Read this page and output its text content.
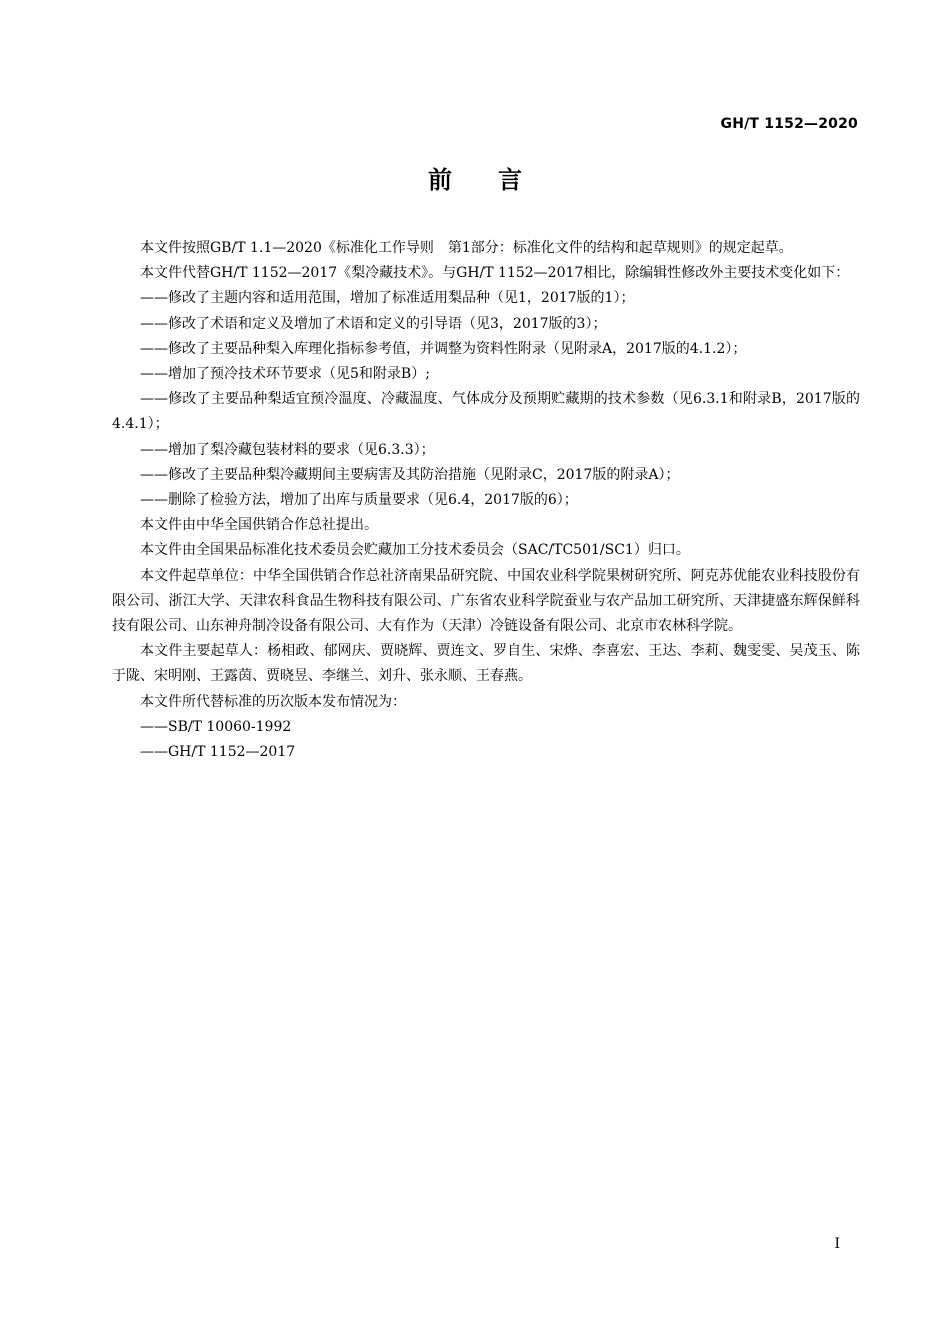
GH/T 1152—2020
前言

本文件按照GB/T 1.1—2020《标准化工作导则　第1部分：标准化文件的结构和起草规则》的规定起草。

本文件代替GH/T 1152—2017《梨冷藏技术》。与GH/T 1152—2017相比，除编辑性修改外主要技术变化如下：

——修改了主题内容和适用范围，增加了标准适用梨品种（见1，2017版的1）；

——修改了术语和定义及增加了术语和定义的引导语（见3，2017版的3）；

——修改了主要品种梨入库理化指标参考值，并调整为资料性附录（见附录A，2017版的4.1.2）；

——增加了预冷技术环节要求（见5和附录B）;

——修改了主要品种梨适宜预冷温度、冷藏温度、气体成分及预期贮藏期的技术参数（见6.3.1和附录B，2017版的4.4.1）；

——增加了梨冷藏包装材料的要求（见6.3.3）；

——修改了主要品种梨冷藏期间主要病害及其防治措施（见附录C，2017版的附录A）；

——删除了检验方法，增加了出库与质量要求（见6.4，2017版的6）；

本文件由中华全国供销合作总社提出。

本文件由全国果品标准化技术委员会贮藏加工分技术委员会（SAC/TC501/SC1）归口。

本文件起草单位：中华全国供销合作总社济南果品研究院、中国农业科学院果树研究所、阿克苏优能农业科技股份有限公司、浙江大学、天津农科食品生物科技有限公司、广东省农业科学院蚕业与农产品加工研究所、天津捷盛东辉保鲜科技有限公司、山东神舟制冷设备有限公司、大有作为（天津）冷链设备有限公司、北京市农林科学院。

本文件主要起草人：杨相政、郁网庆、贾晓辉、贾连文、罗自生、宋烨、李喜宏、王达、李莉、魏雯雯、吴茂玉、陈于陇、宋明刚、王露茵、贾晓昱、李继兰、刘升、张永顺、王春燕。

本文件所代替标准的历次版本发布情况为：

——SB/T 10060-1992

——GH/T 1152—2017

I
